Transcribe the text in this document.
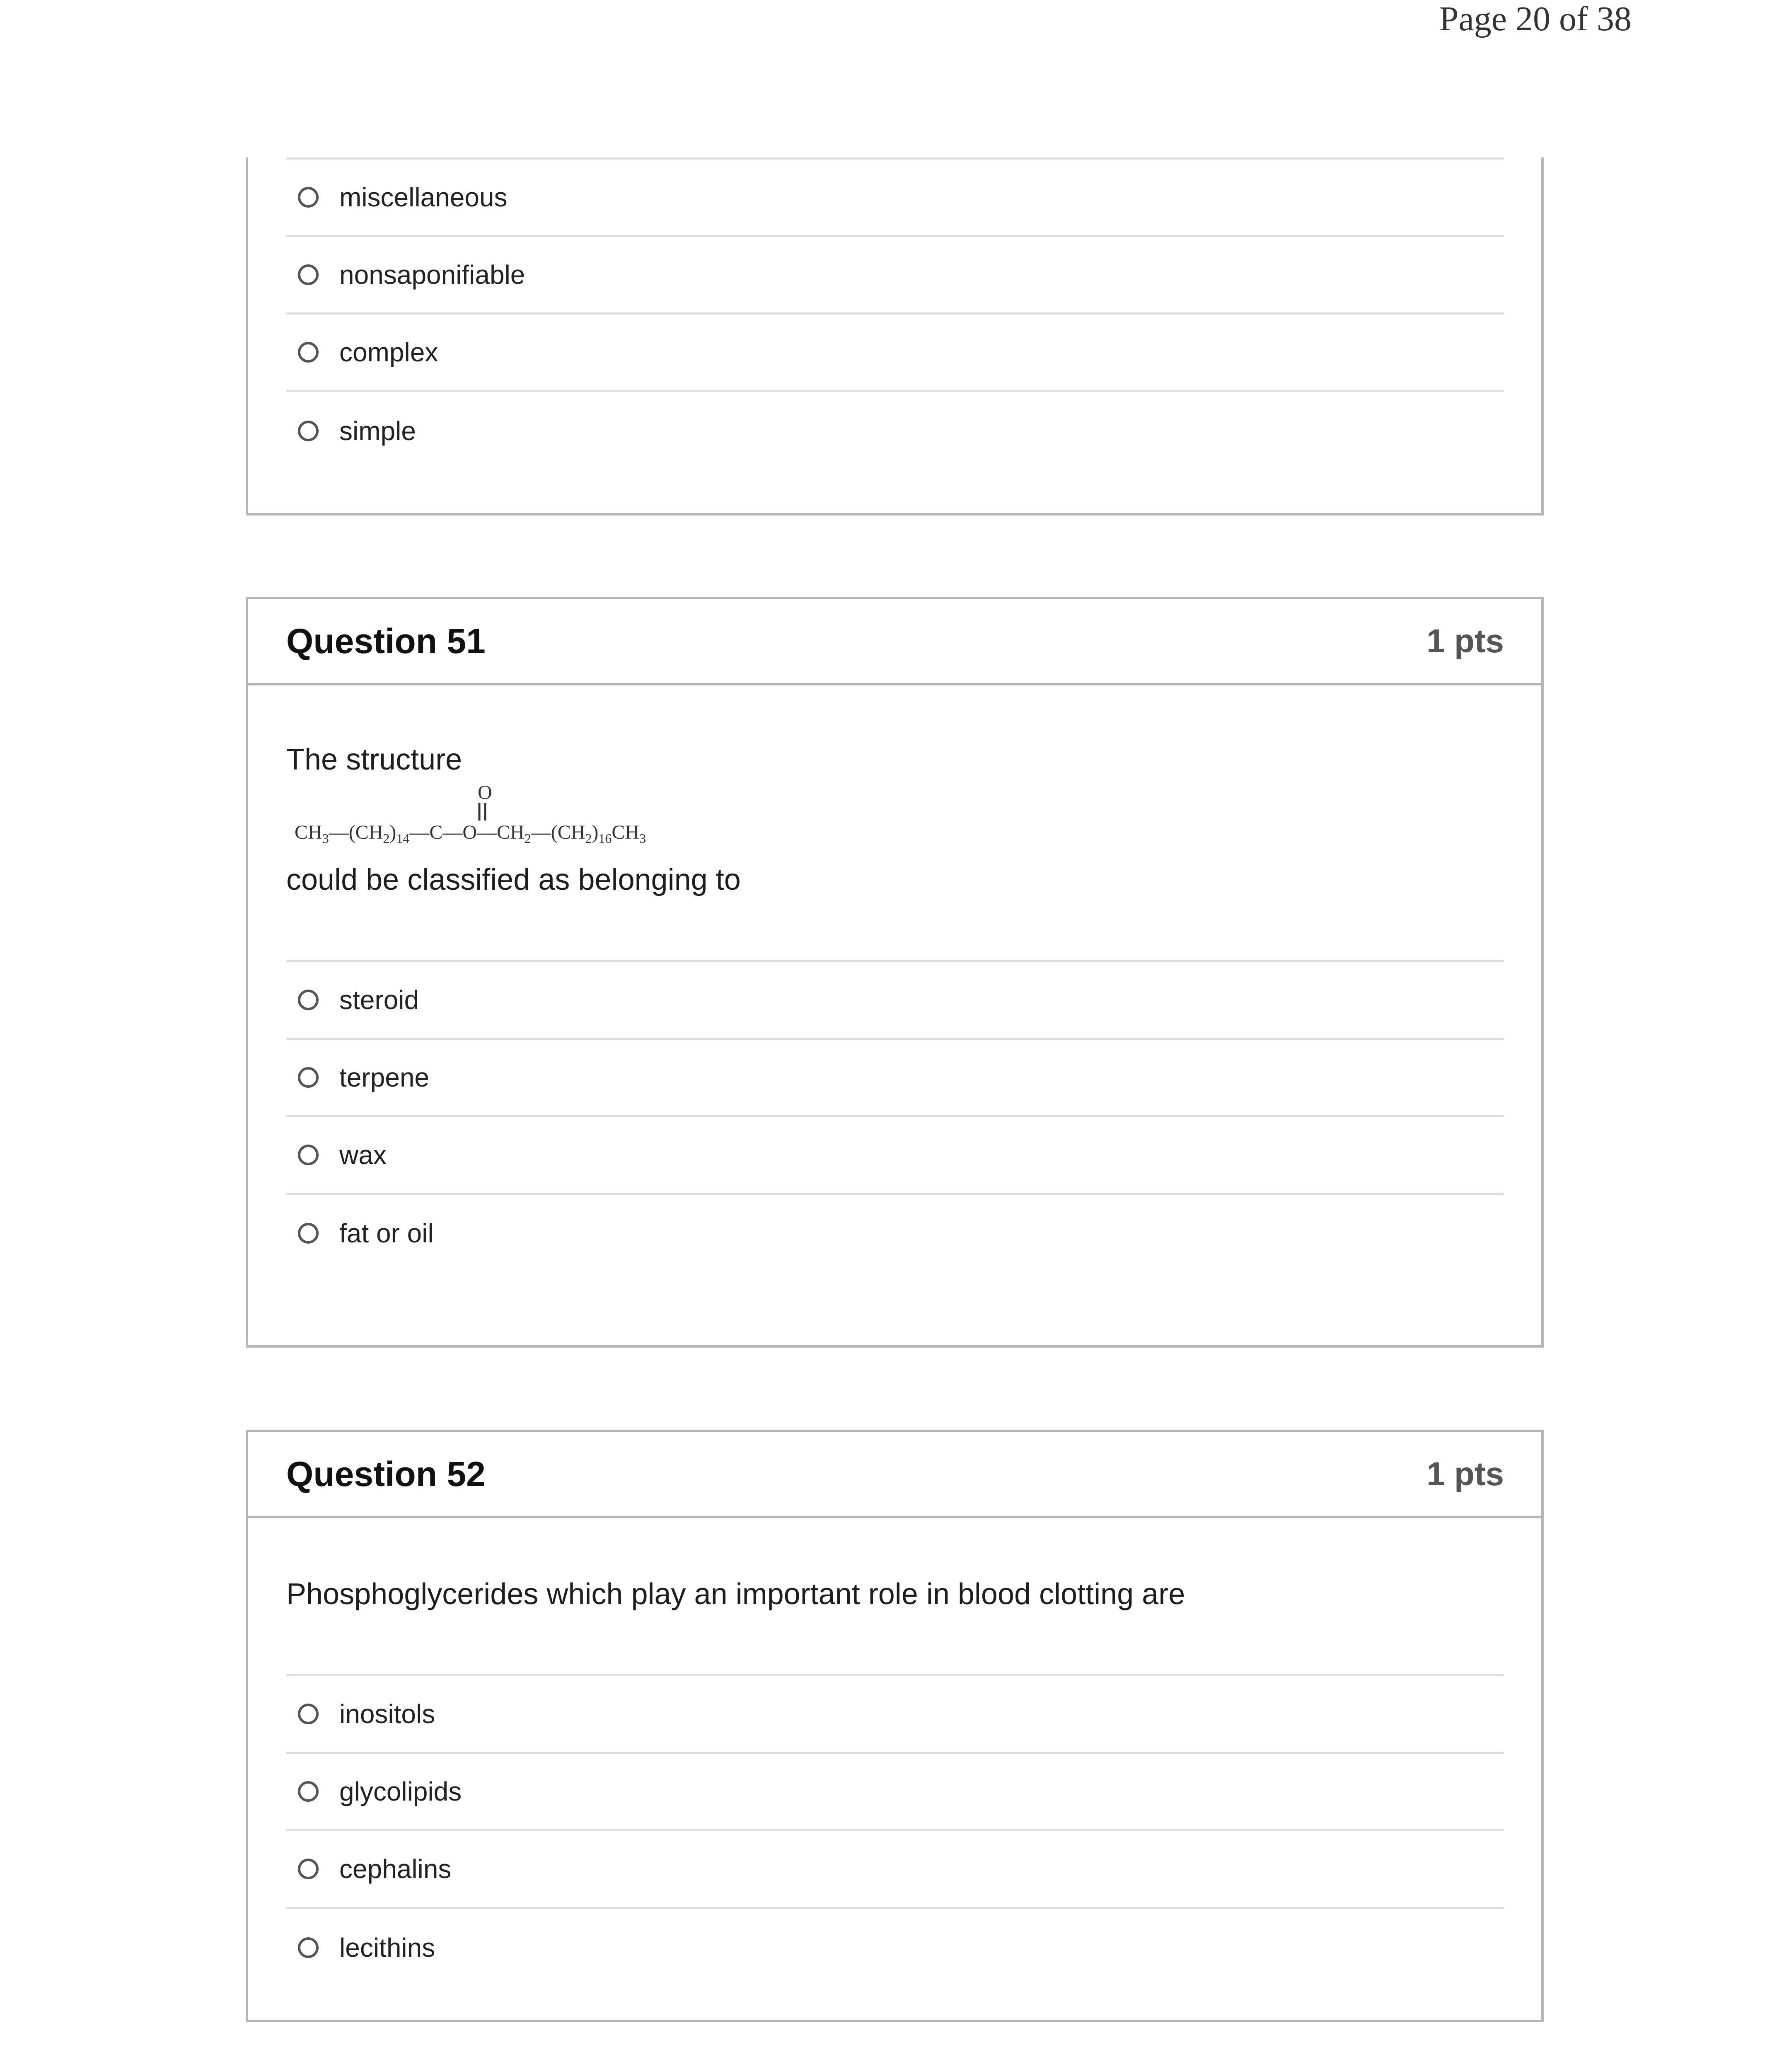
Page 20 of 38
miscellaneous
nonsaponifiable
complex
simple
Question 51	1 pts
The structure
O
$CH_3—(CH_2)_{14}—C—O—CH_2—(CH_2)_{16}CH_3$
could be classified as belonging to
steroid
terpene
wax
fat or oil
Question 52	1 pts
Phosphoglycerides which play an important role in blood clotting are
inositols
glycolipids
cephalins
lecithins
